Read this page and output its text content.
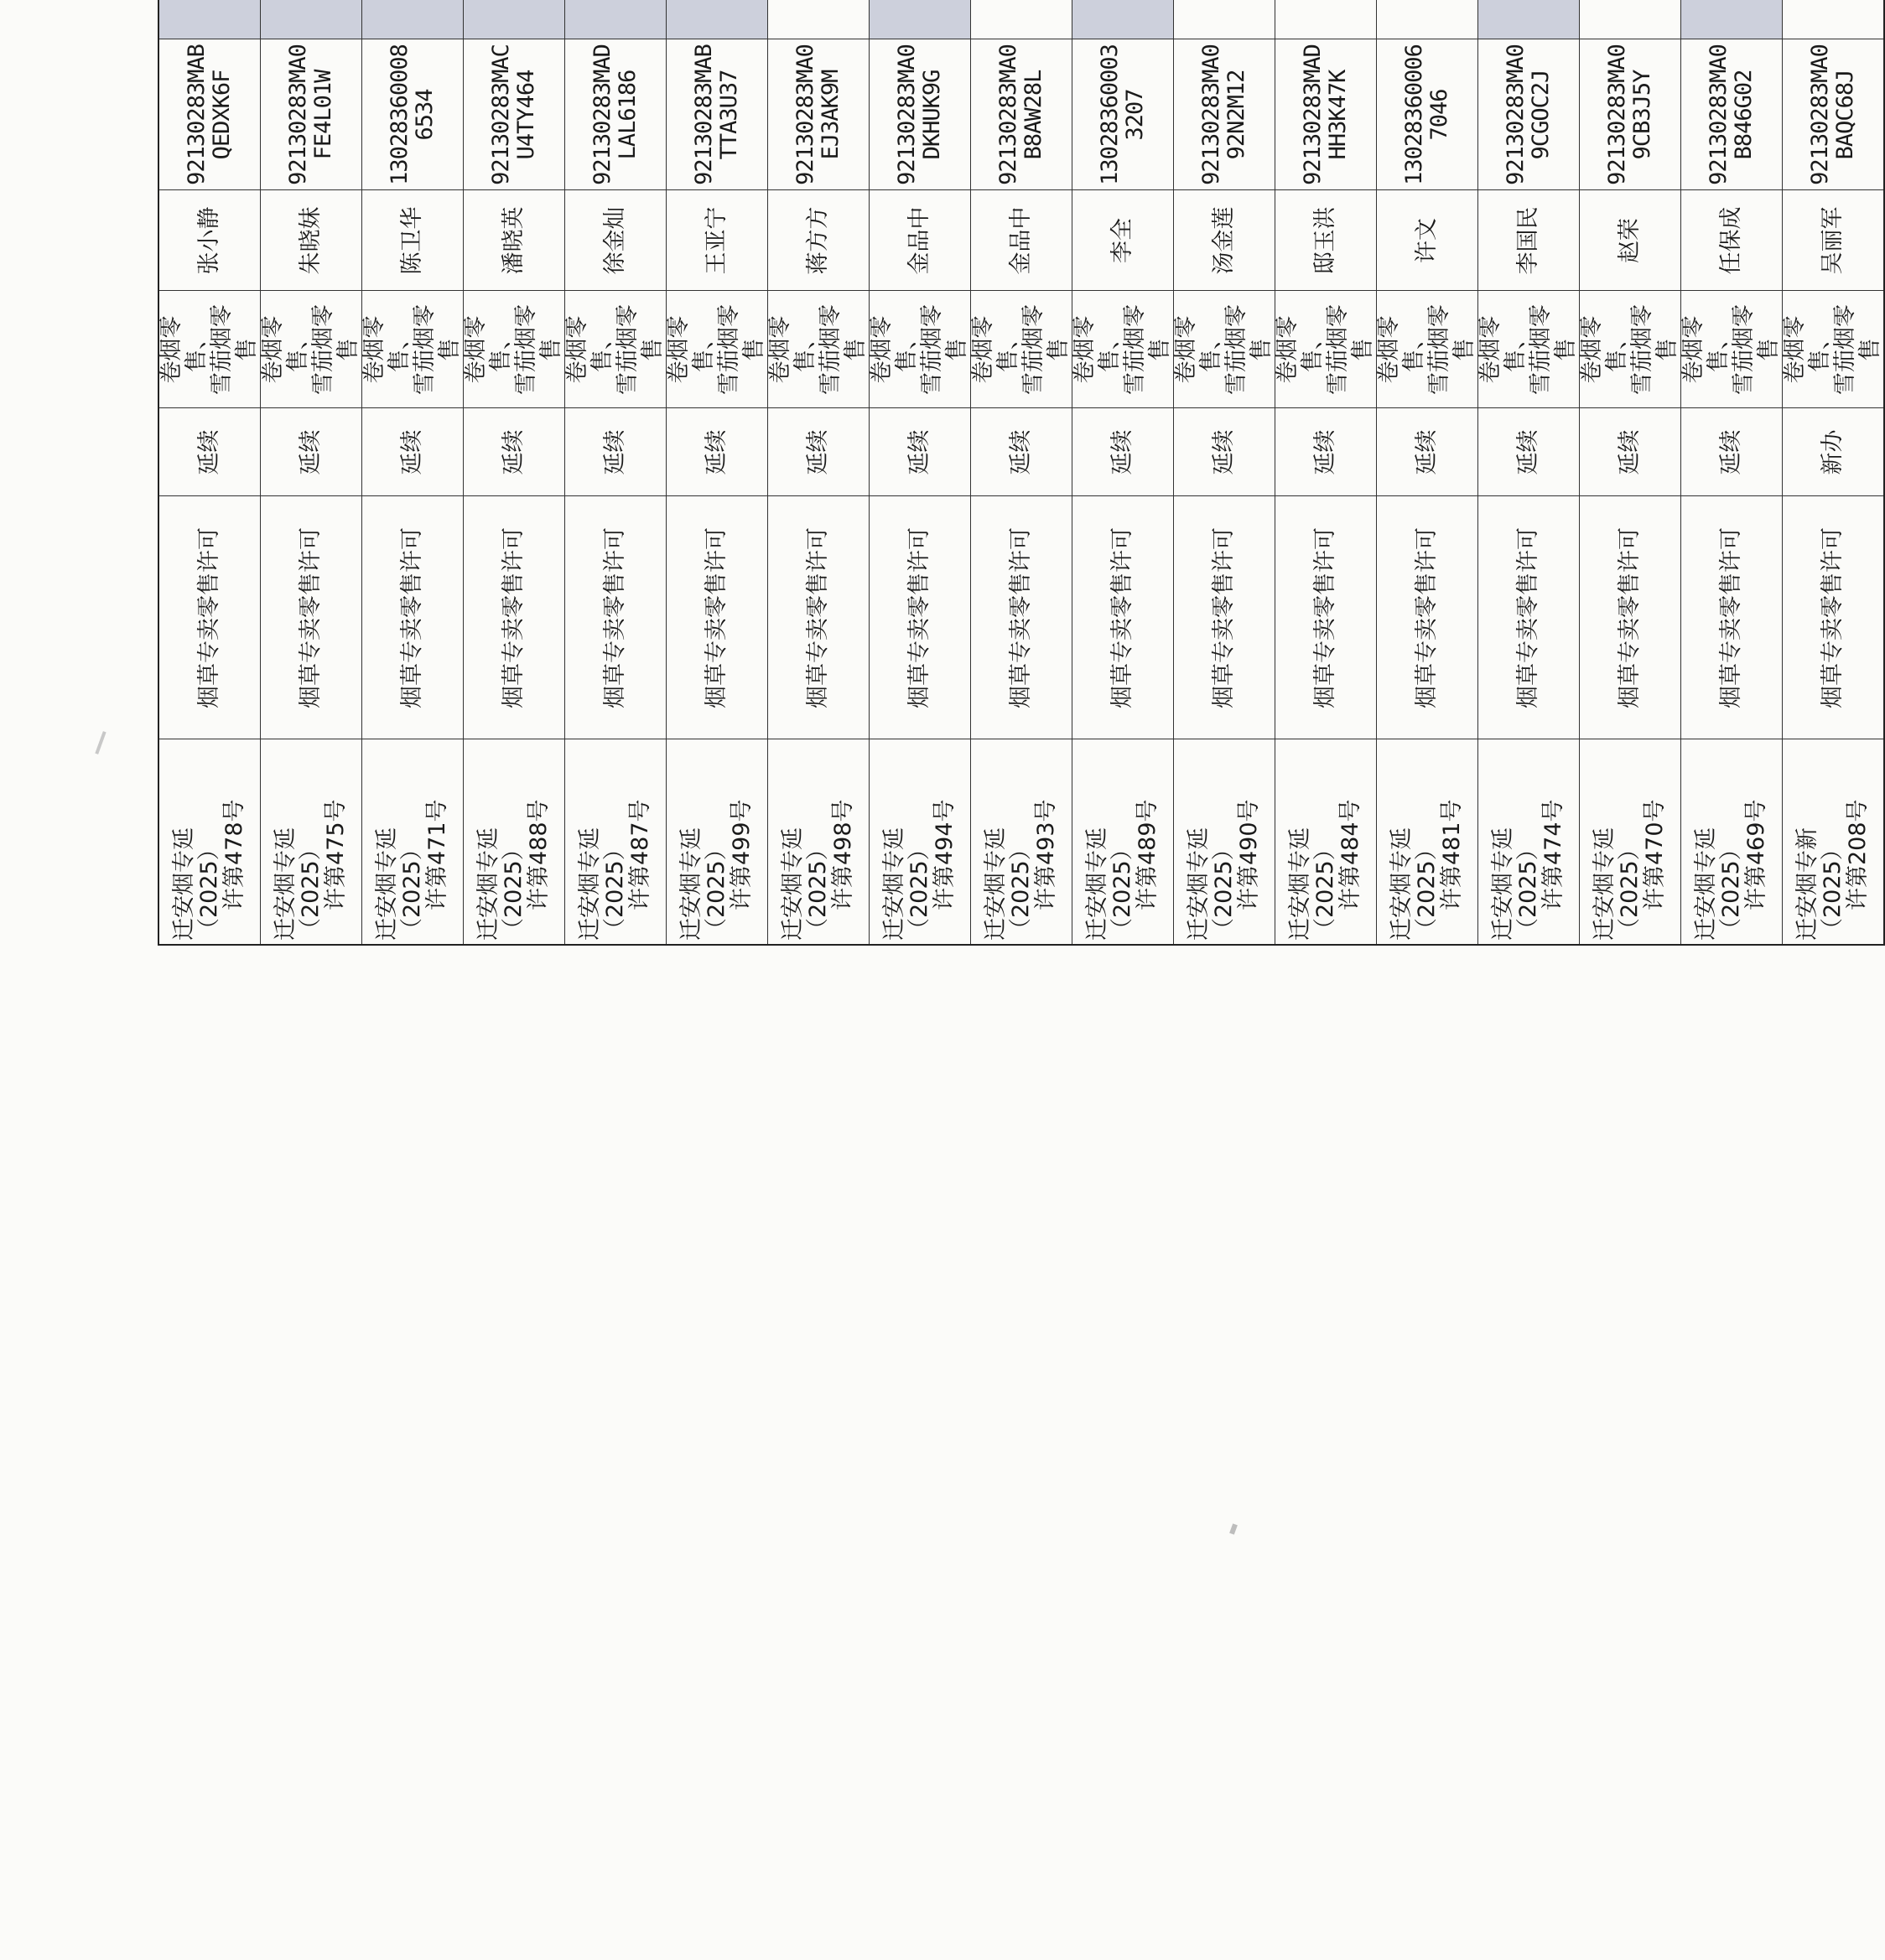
迁安烟专延（2025） 许第478号	烟草专卖零售许可	延续	卷烟零售、 雪茄烟零售	张小静	92130283MAB QEDXK6F

迁安烟专延（2025） 许第475号	烟草专卖零售许可	延续	卷烟零售、 雪茄烟零售	朱晓妹	92130283MA0 FE4L01W

迁安烟专延（2025） 许第471号	烟草专卖零售许可	延续	卷烟零售、 雪茄烟零售	陈卫华	13028360008 6534

迁安烟专延（2025） 许第488号	烟草专卖零售许可	延续	卷烟零售、 雪茄烟零售	潘晓英	92130283MAC U4TY464

迁安烟专延（2025） 许第487号	烟草专卖零售许可	延续	卷烟零售、 雪茄烟零售	徐金灿	92130283MAD LAL6186

迁安烟专延（2025） 许第499号	烟草专卖零售许可	延续	卷烟零售、 雪茄烟零售	王亚宁	92130283MAB TTA3U37

迁安烟专延（2025） 许第498号	烟草专卖零售许可	延续	卷烟零售、 雪茄烟零售	蒋方方	92130283MA0 EJ3AK9M

迁安烟专延（2025） 许第494号	烟草专卖零售许可	延续	卷烟零售、 雪茄烟零售	金品中	92130283MA0 DKHUK9G

迁安烟专延（2025） 许第493号	烟草专卖零售许可	延续	卷烟零售、 雪茄烟零售	金品中	92130283MA0 B8AW28L

迁安烟专延（2025） 许第489号	烟草专卖零售许可	延续	卷烟零售、 雪茄烟零售	李全	13028360003 3207

迁安烟专延（2025） 许第490号	烟草专卖零售许可	延续	卷烟零售、 雪茄烟零售	汤金莲	92130283MA0 92N2M12

迁安烟专延（2025） 许第484号	烟草专卖零售许可	延续	卷烟零售、 雪茄烟零售	邸玉洪	92130283MAD HH3K47K

迁安烟专延（2025） 许第481号	烟草专卖零售许可	延续	卷烟零售、 雪茄烟零售	许文	13028360006 7046

迁安烟专延（2025） 许第474号	烟草专卖零售许可	延续	卷烟零售、 雪茄烟零售	李国民	92130283MA0 9CGOC2J

迁安烟专延（2025） 许第470号	烟草专卖零售许可	延续	卷烟零售、 雪茄烟零售	赵荣	92130283MA0 9CB3J5Y

迁安烟专延（2025） 许第469号	烟草专卖零售许可	延续	卷烟零售、 雪茄烟零售	任保成	92130283MA0 B846G02

迁安烟专新（2025） 许第208号	烟草专卖零售许可	新办	卷烟零售、 雪茄烟零售	吴丽军	92130283MA0 BAQC68J
